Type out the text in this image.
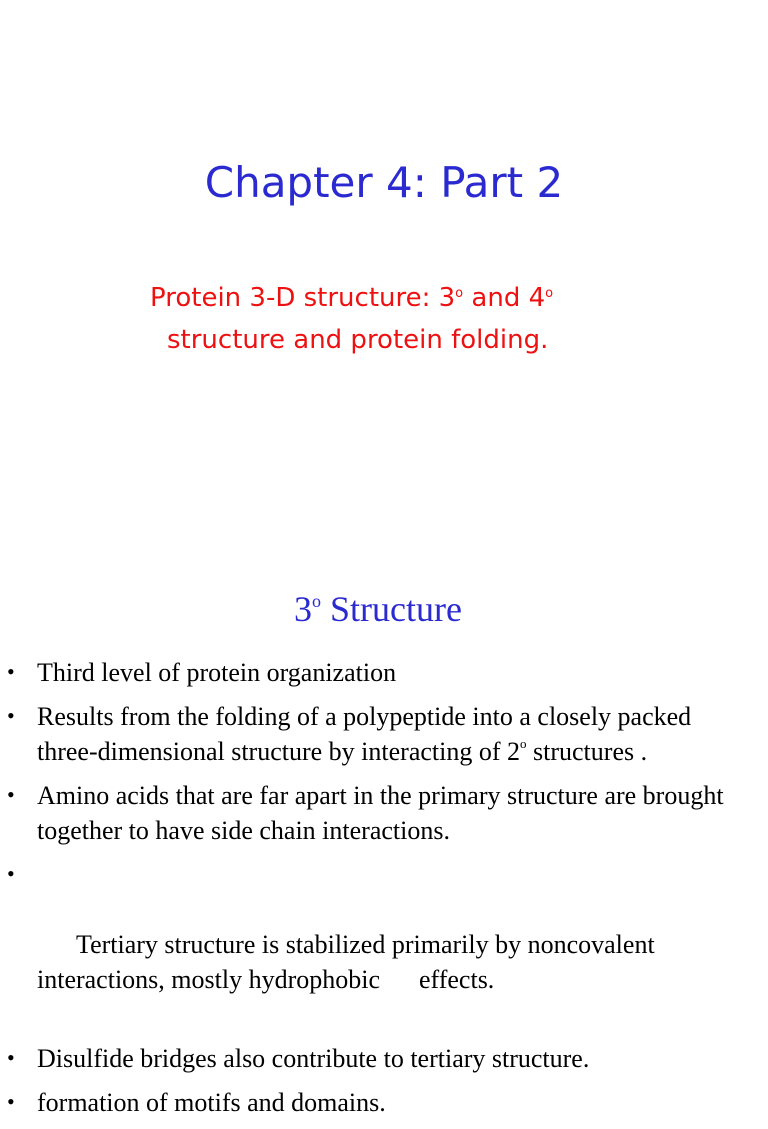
Chapter 4: Part 2

Protein 3-D structure: 3$^o$ and 4$^o$
structure and protein folding.

3$^o$ Structure
• Third level of protein organization
• Results from the folding of a polypeptide into a closely packed three-dimensional structure by interacting of 2$^o$ structures .
• Amino acids that are far apart in the primary structure are brought together to have side chain interactions.

•

Tertiary structure is stabilized primarily by noncovalent interactions, mostly hydrophobic      effects.

• Disulfide bridges also contribute to tertiary structure.
• formation of motifs and domains.
